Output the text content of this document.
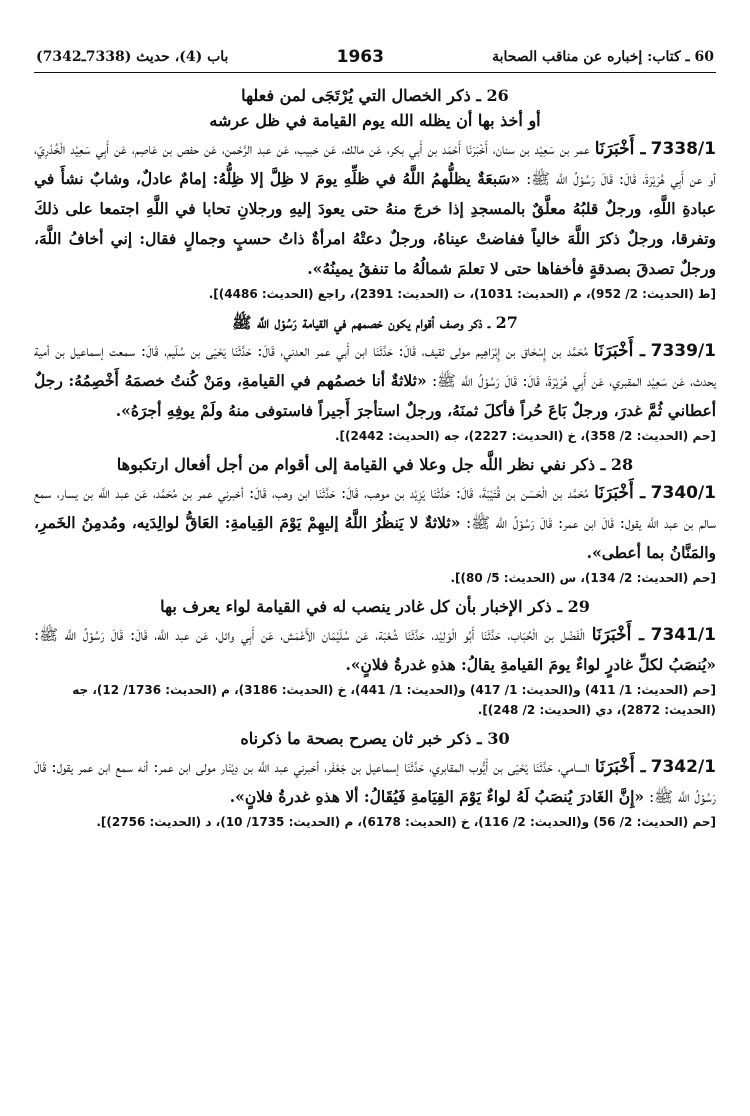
60 ـ كتاب: إخباره عن مناقب الصحابة
1963
باب (4)، حديث (7338ـ7342)
26 ـ ذكر الخصال التي يُرْتَجَى لمن فعلها
أو أخذ بها أن يظله الله يوم القيامة في ظل عرشه

7338/1 ـ أَخْبَرَنَا عمر بن سَعِيْد بن سنان، أَخْبَرَنَا أَحْمَد بن أَبي بكر، عَن مالك، عَن خبيب، عَن عبد الرَّحْمن، عَن حفص بن عَاصِم، عَن أَبِي سَعِيْد الْخُدْرِيّ، أو عن أَبِي هُرَيْرَةَ، قَالَ: قَالَ رَسُوْلُ اللَّه ﷺ: «سَبعَةٌ يظلُّهمُ اللَّهُ في ظلِّهِ يومَ لا ظِلَّ إلا ظِلُّهُ: إمامٌ عادلٌ، وشابٌ نشأَ في عبادةِ اللَّهِ، ورجلٌ قلبُهُ معلَّقٌ بالمسجدِ إذا خرجَ منهُ حتى يعودَ إليهِ ورجلانِ تحابا في اللَّهِ اجتمعا على ذلكَ وتفرقا، ورجلٌ ذكرَ اللَّهَ خالياً ففاضتْ عيناهُ، ورجلٌ دعتْهُ امرأةٌ ذاتُ حسبٍ وجمالٍ فقال: إني أخافُ اللَّهَ، ورجلٌ تصدقَ بصدقةٍ فأخفاها حتى لا تعلمَ شمالُهُ ما تنفقُ يمينُهُ».

[ط (الحديث: 2/ 952)، م (الحديث: 1031)، ت (الحديث: 2391)، راجع (الحديث: 4486)].
27 ـ ذكر وصف أقوام يكون خصمهم في القيامة رَسُوْل اللَّه ﷺ

7339/1 ـ أَخْبَرَنَا مُحَمَّد بن إِسْحَاق بن إِبْرَاهِيم مولى ثقيف، قَالَ: حَدَّثَنَا ابن أَبي عمر العدني، قَالَ: حَدَّثَنَا يَحْيَى بن سُلَيم، قَالَ: سمعت إسماعيل بن أمية يحدث، عَن سَعِيْد المقبري، عَن أَبِي هُرَيْرَةَ، قَالَ: قَالَ رَسُوْلُ اللَّه ﷺ: «ثلاثةٌ أنا خصمُهم في القيامةِ، ومَنْ كُنتُ خصمَهُ أَخْصِمُهُ: رجلٌ أعطاني ثُمَّ غدرَ، ورجلٌ بَاعَ حُراً فأكلَ ثمنَهُ، ورجلٌ استأجرَ أَجيراً فاستوفى منهُ ولَمْ يوفِهِ أجرَهُ».

[حم (الحديث: 2/ 358)، خ (الحديث: 2227)، جه (الحديث: 2442)].
28 ـ ذكر نفي نظر اللَّه جل وعلا في القيامة إلى أقوام من أجل أفعال ارتكبوها

7340/1 ـ أَخْبَرَنَا مُحَمَّد بن الْحَسَن بن قُتَيْبَةَ، قَالَ: حَدَّثَنَا يَزِيْد بن موهب، قَالَ: حَدَّثَنَا ابن وهب، قَالَ: أخبرني عمر بن مُحَمَّد، عَن عبد اللَّه بن يسار، سمع سالم بن عبد اللَّه يقول: قَالَ ابن عمر: قَالَ رَسُوْلُ اللَّه ﷺ: «ثلاثةٌ لا يَنظُرُ اللَّهُ إليهِمْ يَوْمَ القِيامةِ: العَاقُّ لوالِدَيه، ومُدمِنُ الخَمرِ، والمَنَّانُ بما أعطى».

[حم (الحديث: 2/ 134)، س (الحديث: 5/ 80)].
29 ـ ذكر الإخبار بأن كل غادر ينصب له في القيامة لواء يعرف بها

7341/1 ـ أَخْبَرَنَا الْفَضْل بن الْحُبَاب، حَدَّثَنَا أَبُو الْوَلِيْد، حَدَّثَنَا شُعْبَة، عَن سُلَيْمَان الأَعْمَش، عَن أَبِي وائل، عَن عبد اللَّه، قَالَ: قَالَ رَسُوْلُ اللَّه ﷺ: «يُنصَبُ لكلِّ غادرٍ لواءٌ يومَ القيامةِ يقالُ: هذهِ غدرةُ فلانٍ».

[حم (الحديث: 1/ 411) و(الحديث: 1/ 417) و(الحديث: 1/ 441)، خ (الحديث: 3186)، م (الحديث: 1736/ 12)، جه (الحديث: 2872)، دي (الحديث: 2/ 248)].
30 ـ ذكر خبر ثان يصرح بصحة ما ذكرناه

7342/1 ـ أَخْبَرَنَا السامي، حَدَّثَنَا يَحْيَى بن أَيُّوب المقابري، حَدَّثَنَا إسماعيل بن جَعْفَر، أخبرني عبد اللَّه بن دِيْنَار مولى ابن عمر: أنه سمع ابن عمر يقول: قَالَ رَسُوْلُ اللَّه ﷺ: «إِنَّ الغَادرَ يُنصَبُ لَهُ لواءٌ يَوْمَ القِيَامةِ فَيُقَالُ: ألا هذهِ غدرةُ فلانٍ».

[حم (الحديث: 2/ 56) و(الحديث: 2/ 116)، خ (الحديث: 6178)، م (الحديث: 1735/ 10)، د (الحديث: 2756)].
